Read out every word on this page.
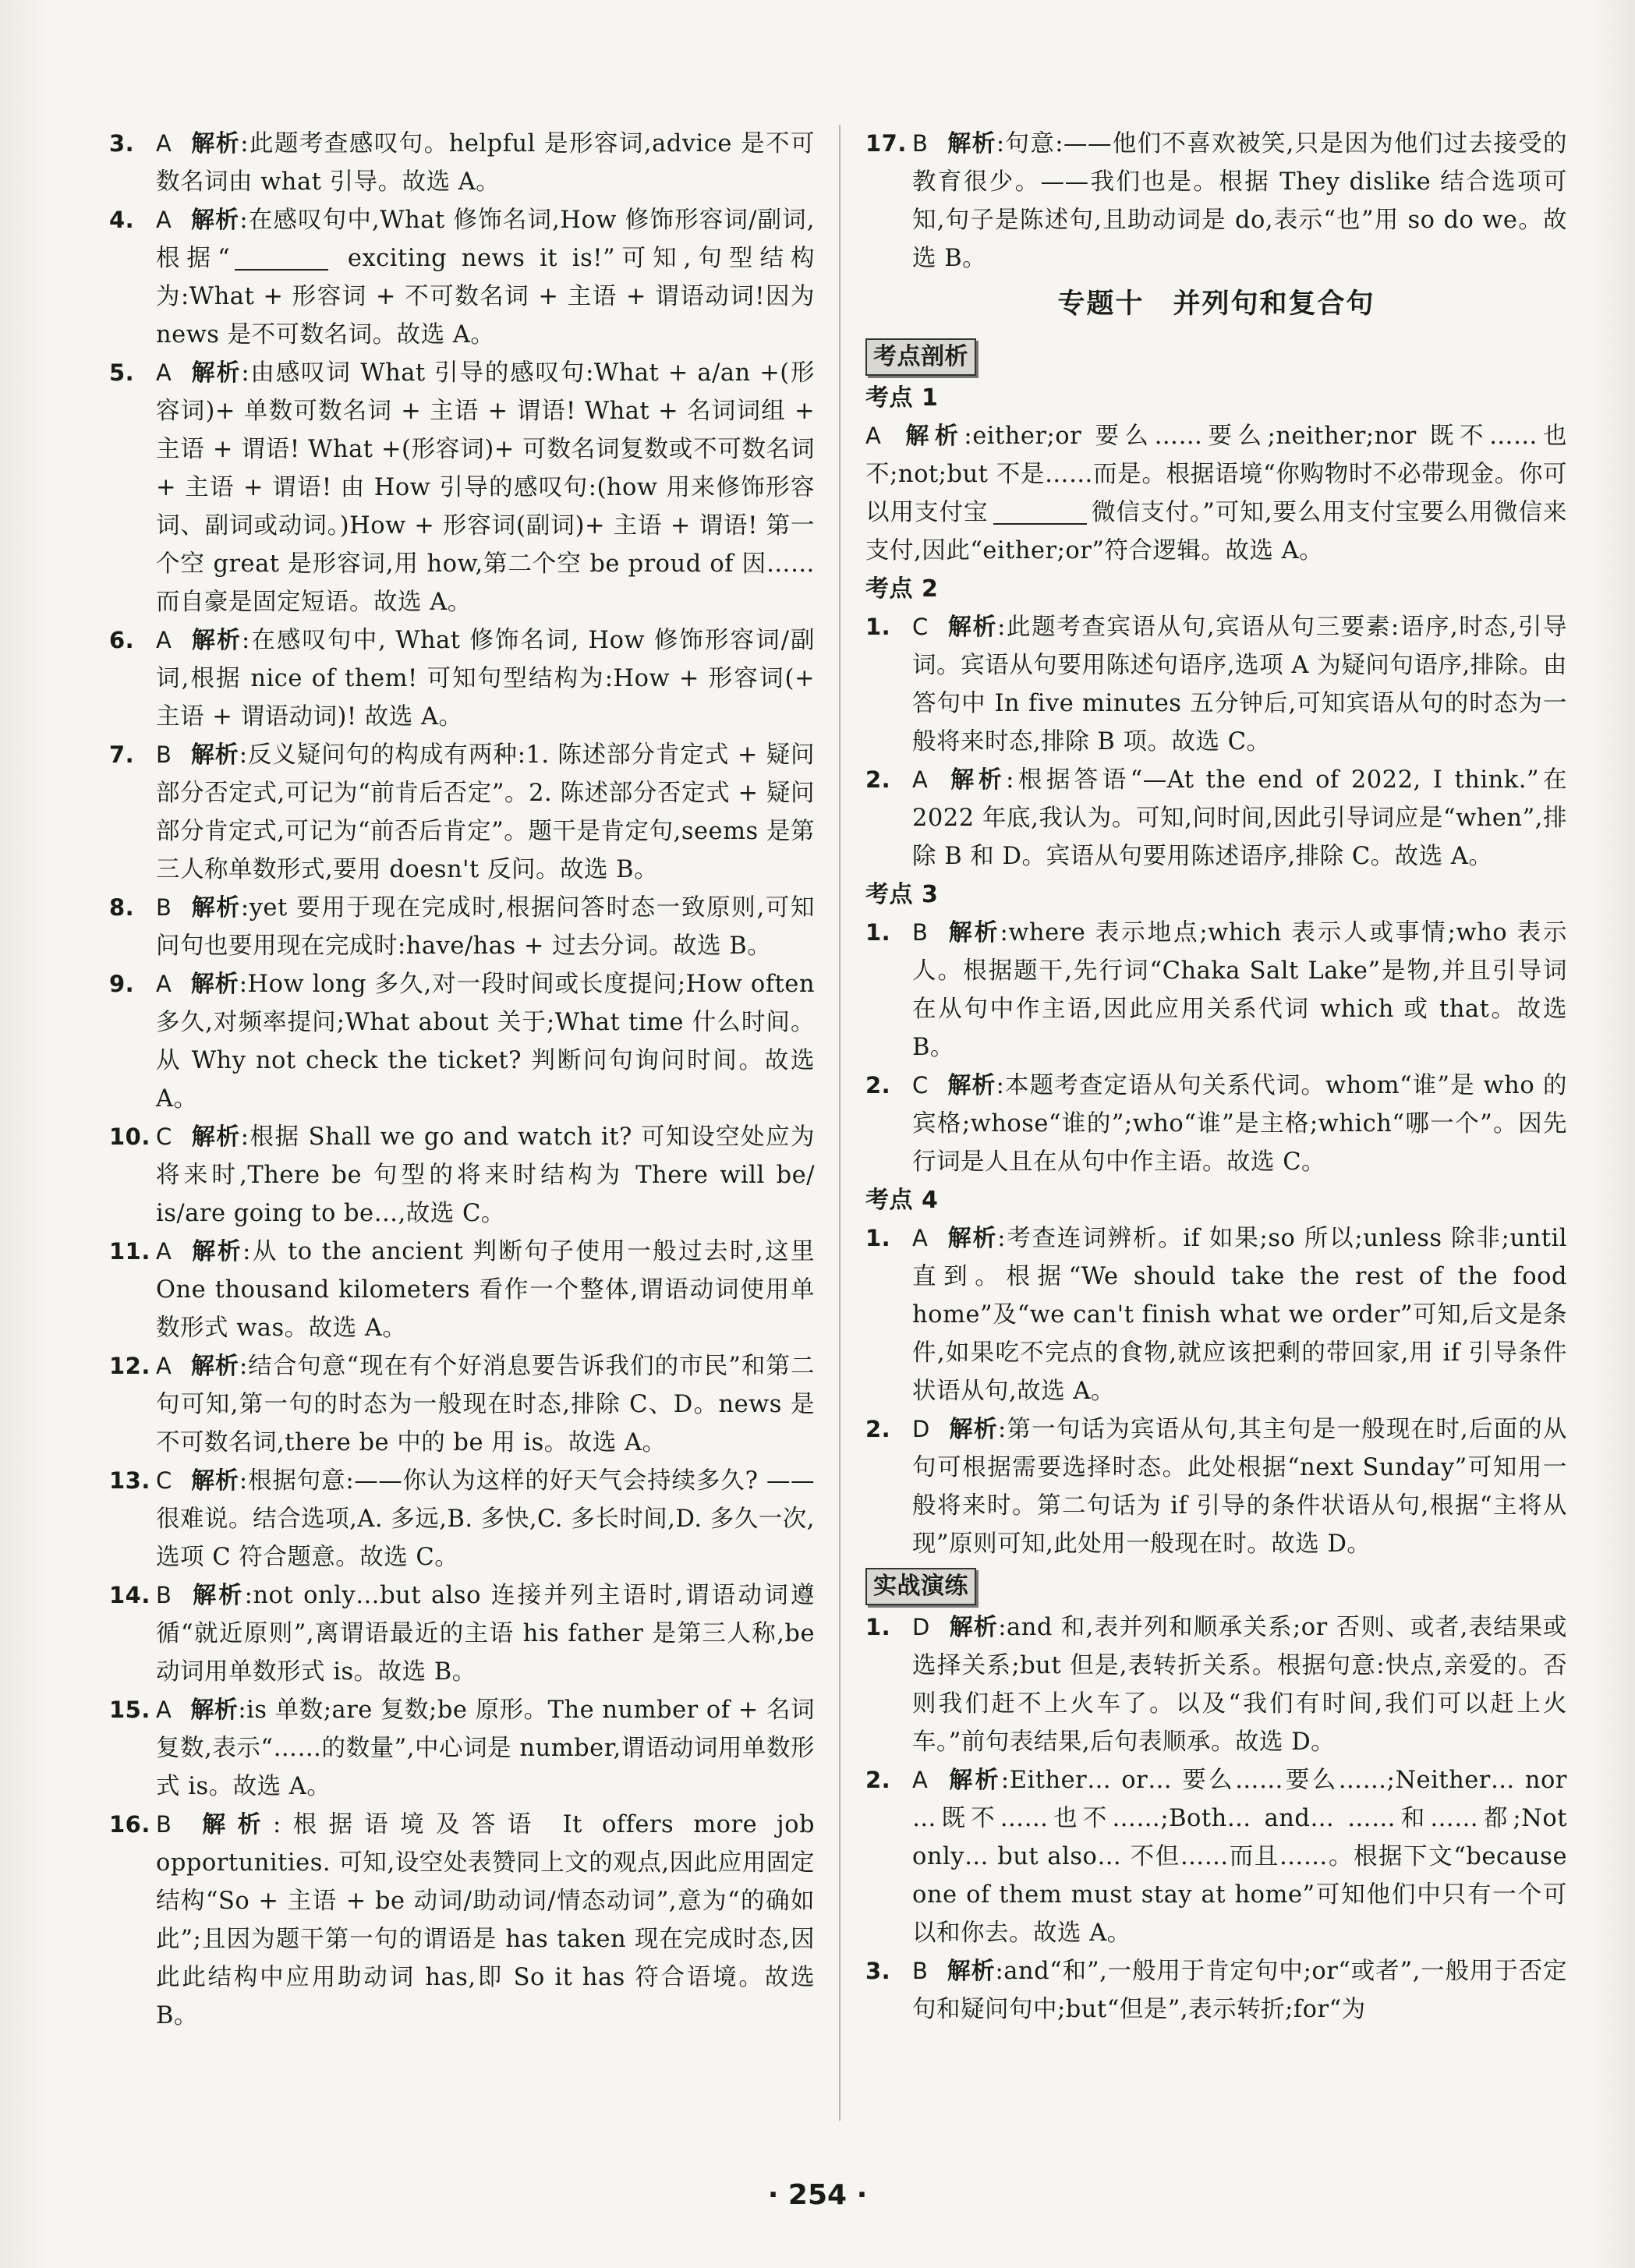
3. A 解析:此题考查感叹句。helpful 是形容词,advice 是不可数名词由 what 引导。故选 A。

4. A 解析:在感叹句中,What 修饰名词,How 修饰形容词/副词,根据“	exciting news it is!”可知,句型结构为:What + 形容词 + 不可数名词 + 主语 + 谓语动词!因为 news 是不可数名词。故选 A。

5. A 解析:由感叹词 What 引导的感叹句:What + a/an +(形容词)+ 单数可数名词 + 主语 + 谓语! What + 名词词组 + 主语 + 谓语! What +(形容词)+ 可数名词复数或不可数名词 + 主语 + 谓语! 由 How 引导的感叹句:(how 用来修饰形容词、副词或动词。)How + 形容词(副词)+ 主语 + 谓语! 第一个空 great 是形容词,用 how,第二个空 be proud of 因……而自豪是固定短语。故选 A。

6. A 解析:在感叹句中, What 修饰名词, How 修饰形容词/副词,根据 nice of them! 可知句型结构为:How + 形容词(+ 主语 + 谓语动词)! 故选 A。

7. B 解析:反义疑问句的构成有两种:1. 陈述部分肯定式 + 疑问部分否定式,可记为“前肯后否定”。2. 陈述部分否定式 + 疑问部分肯定式,可记为“前否后肯定”。题干是肯定句,seems 是第三人称单数形式,要用 doesn't 反问。故选 B。

8. B 解析:yet 要用于现在完成时,根据问答时态一致原则,可知问句也要用现在完成时:have/has + 过去分词。故选 B。

9. A 解析:How long 多久,对一段时间或长度提问;How often 多久,对频率提问;What about 关于;What time 什么时间。从 Why not check the ticket? 判断问句询问时间。故选 A。

10. C 解析:根据 Shall we go and watch it? 可知设空处应为将来时,There be 句型的将来时结构为 There will be/ is/are going to be…,故选 C。

11. A 解析:从 to the ancient 判断句子使用一般过去时,这里 One thousand kilometers 看作一个整体,谓语动词使用单数形式 was。故选 A。

12. A 解析:结合句意“现在有个好消息要告诉我们的市民”和第二句可知,第一句的时态为一般现在时态,排除 C、D。news 是不可数名词,there be 中的 be 用 is。故选 A。

13. C 解析:根据句意:——你认为这样的好天气会持续多久? ——很难说。结合选项,A. 多远,B. 多快,C. 多长时间,D. 多久一次,选项 C 符合题意。故选 C。

14. B 解析:not only…but also 连接并列主语时,谓语动词遵循“就近原则”,离谓语最近的主语 his father 是第三人称,be 动词用单数形式 is。故选 B。

15. A 解析:is 单数;are 复数;be 原形。The number of + 名词复数,表示“……的数量”,中心词是 number,谓语动词用单数形式 is。故选 A。

16. B 解析:根据语境及答语 It offers more job opportunities. 可知,设空处表赞同上文的观点,因此应用固定结构“So + 主语 + be 动词/助动词/情态动词”,意为“的确如此”;且因为题干第一句的谓语是 has taken 现在完成时态,因此此结构中应用助动词 has,即 So it has 符合语境。故选 B。

17. B 解析:句意:——他们不喜欢被笑,只是因为他们过去接受的教育很少。——我们也是。根据 They dislike 结合选项可知,句子是陈述句,且助动词是 do,表示“也”用 so do we。故选 B。

专题十　并列句和复合句
考点剖析

考点 1

A 解析:either;or 要么……要么;neither;nor 既不……也不;not;but 不是……而是。根据语境“你购物时不必带现金。你可以用支付宝	微信支付。”可知,要么用支付宝要么用微信来支付,因此“either;or”符合逻辑。故选 A。

考点 2

1. C 解析:此题考查宾语从句,宾语从句三要素:语序,时态,引导词。宾语从句要用陈述句语序,选项 A 为疑问句语序,排除。由答句中 In five minutes 五分钟后,可知宾语从句的时态为一般将来时态,排除 B 项。故选 C。

2. A 解析:根据答语“—At the end of 2022, I think.”在 2022 年底,我认为。可知,问时间,因此引导词应是“when”,排除 B 和 D。宾语从句要用陈述语序,排除 C。故选 A。

考点 3

1. B 解析:where 表示地点;which 表示人或事情;who 表示人。根据题干,先行词“Chaka Salt Lake”是物,并且引导词在从句中作主语,因此应用关系代词 which 或 that。故选 B。

2. C 解析:本题考查定语从句关系代词。whom“谁”是 who 的宾格;whose“谁的”;who“谁”是主格;which“哪一个”。因先行词是人且在从句中作主语。故选 C。

考点 4

1. A 解析:考查连词辨析。if 如果;so 所以;unless 除非;until 直到。根据“We should take the rest of the food home”及“we can't finish what we order”可知,后文是条件,如果吃不完点的食物,就应该把剩的带回家,用 if 引导条件状语从句,故选 A。

2. D 解析:第一句话为宾语从句,其主句是一般现在时,后面的从句可根据需要选择时态。此处根据“next Sunday”可知用一般将来时。第二句话为 if 引导的条件状语从句,根据“主将从现”原则可知,此处用一般现在时。故选 D。

实战演练

1. D 解析:and 和,表并列和顺承关系;or 否则、或者,表结果或选择关系;but 但是,表转折关系。根据句意:快点,亲爱的。否则我们赶不上火车了。以及“我们有时间,我们可以赶上火车。”前句表结果,后句表顺承。故选 D。

2. A 解析:Either… or… 要么……要么……;Neither… nor …既不……也不……;Both… and… ……和……都;Not only… but also… 不但……而且……。根据下文“because one of them must stay at home”可知他们中只有一个可以和你去。故选 A。

3. B 解析:and“和”,一般用于肯定句中;or“或者”,一般用于否定句和疑问句中;but“但是”,表示转折;for“为

· 254 ·
